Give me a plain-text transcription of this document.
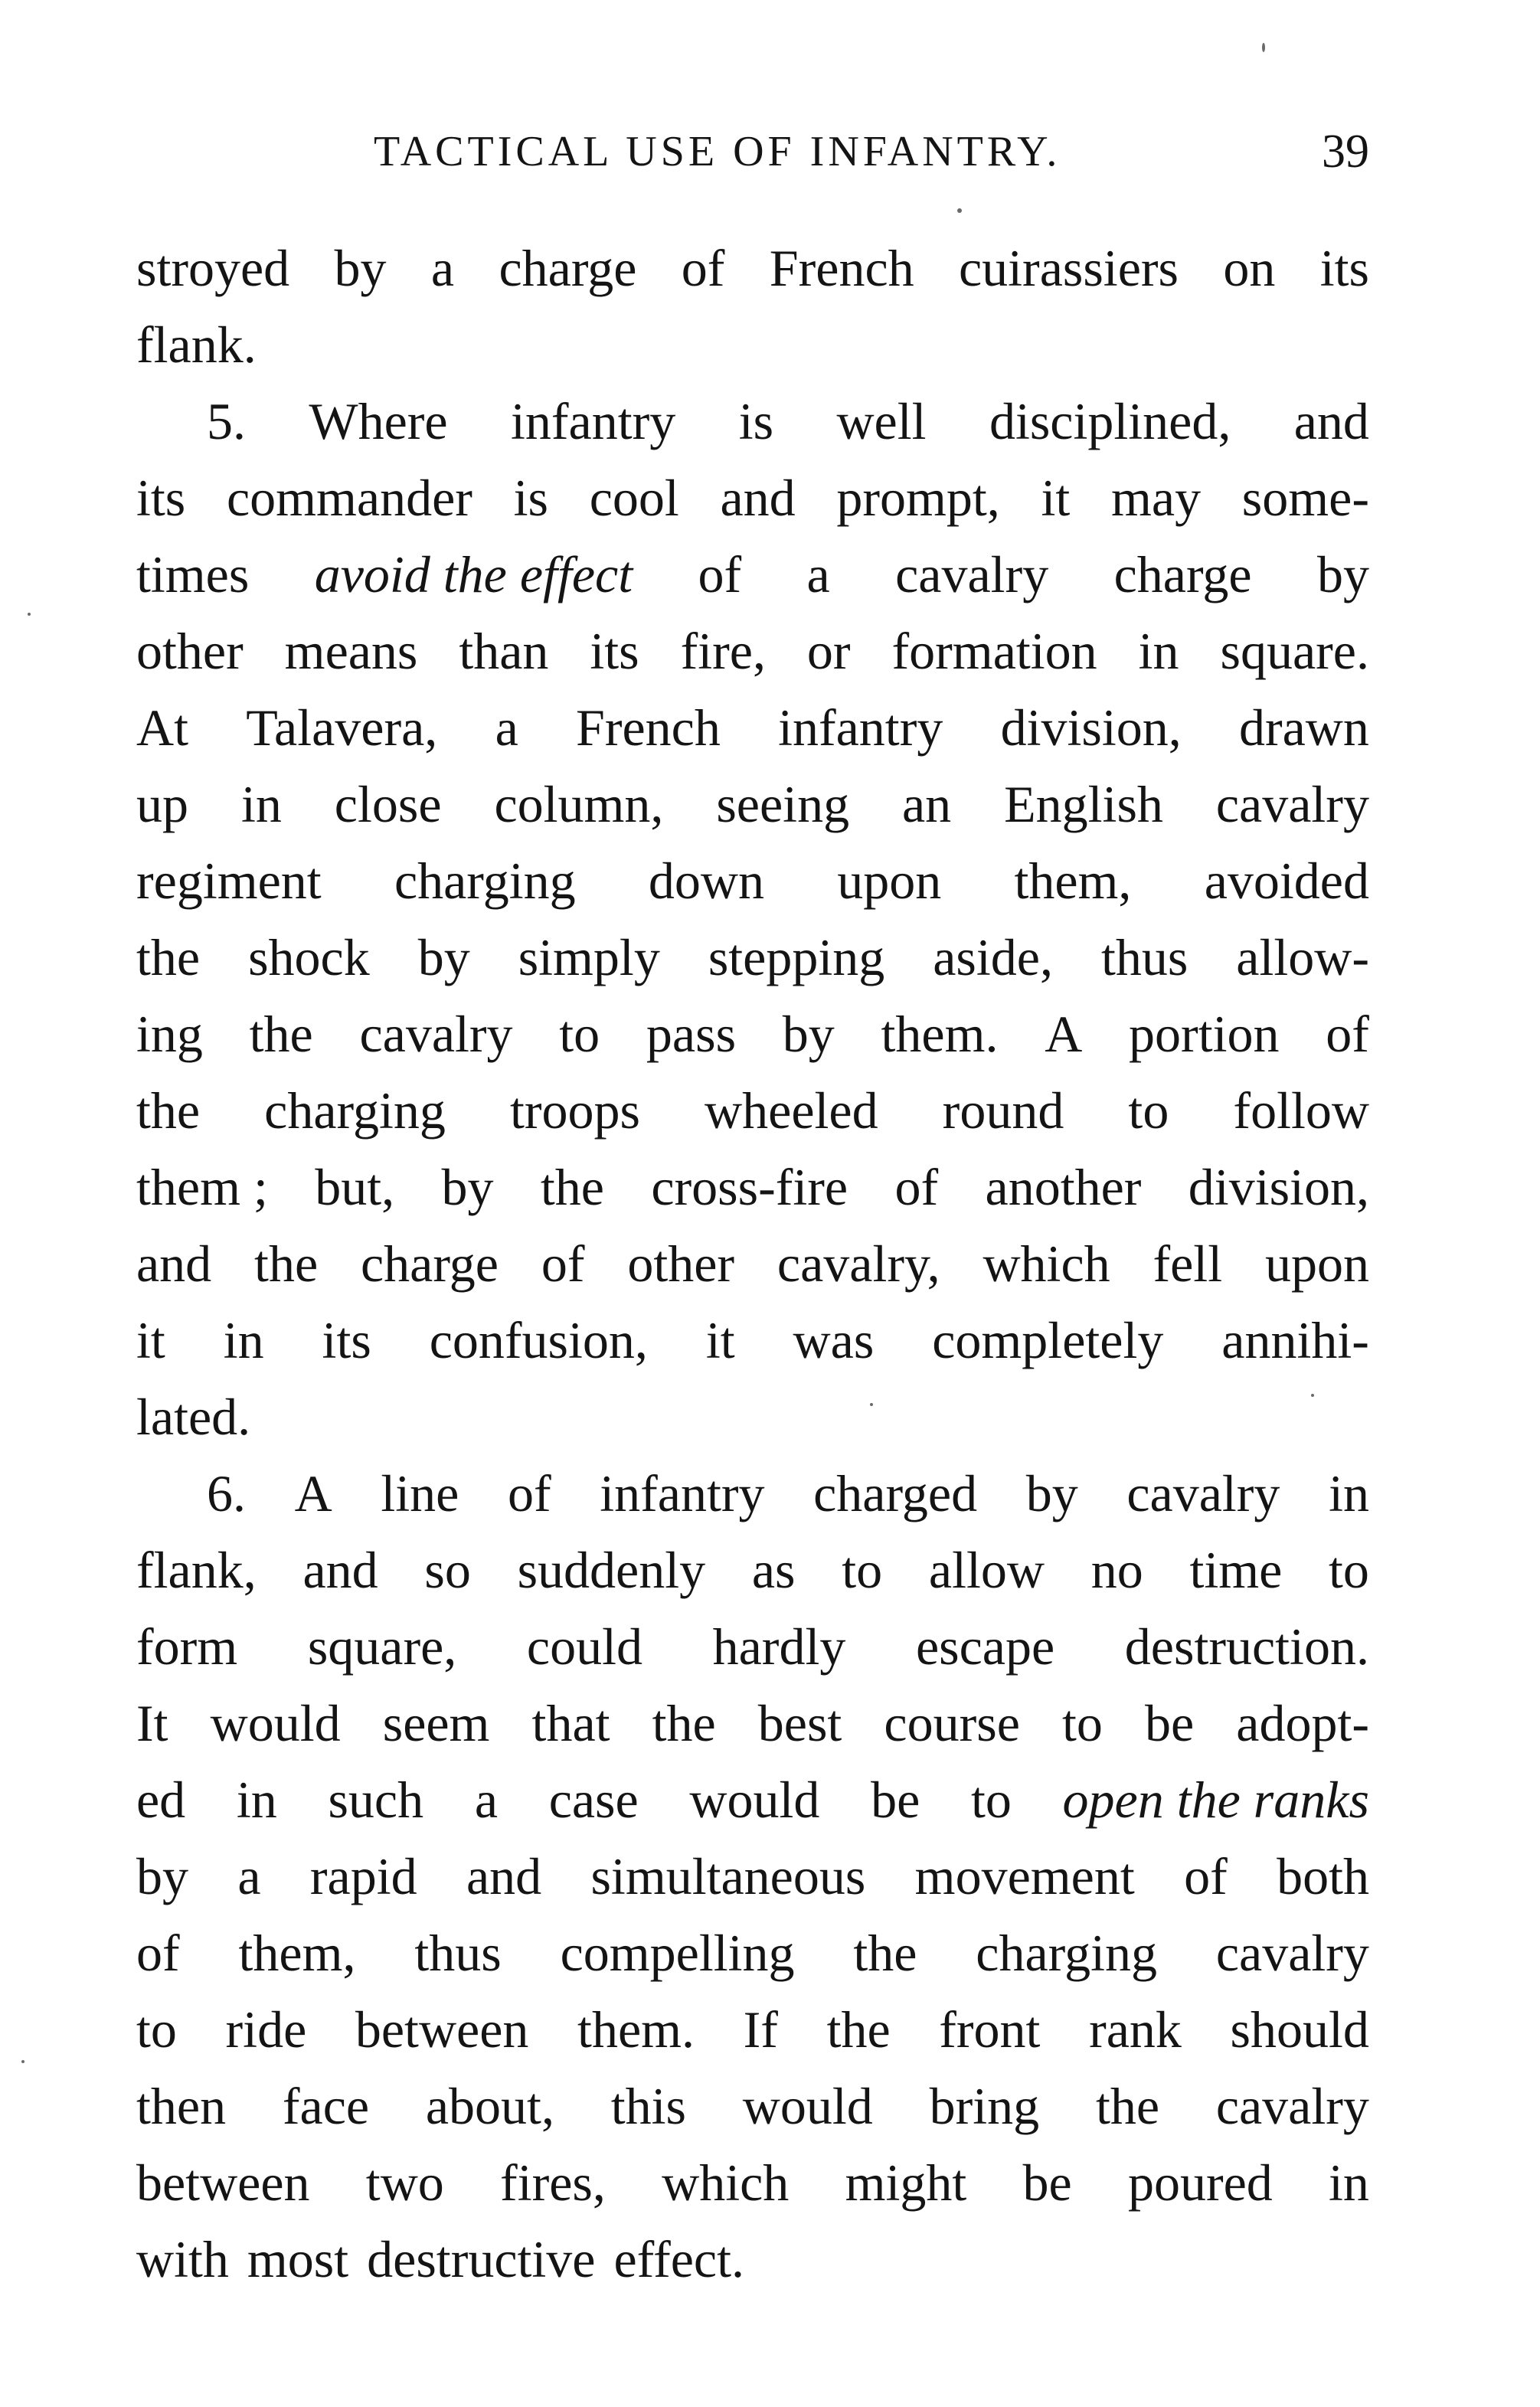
TACTICAL USE OF INFANTRY.	39
stroyed by a charge of French cuirassiers on its
flank.
5. Where infantry is well disciplined, and
its commander is cool and prompt, it may some-
times avoid the effect of a cavalry charge by
other means than its fire, or formation in square.
At Talavera, a French infantry division, drawn
up in close column, seeing an English cavalry
regiment charging down upon them, avoided
the shock by simply stepping aside, thus allow-
ing the cavalry to pass by them. A portion of
the charging troops wheeled round to follow
them ; but, by the cross-fire of another division,
and the charge of other cavalry, which fell upon
it in its confusion, it was completely annihi-
lated.
6. A line of infantry charged by cavalry in
flank, and so suddenly as to allow no time to
form square, could hardly escape destruction.
It would seem that the best course to be adopt-
ed in such a case would be to open the ranks
by a rapid and simultaneous movement of both
of them, thus compelling the charging cavalry
to ride between them. If the front rank should
then face about, this would bring the cavalry
between two fires, which might be poured in
with most destructive effect.
